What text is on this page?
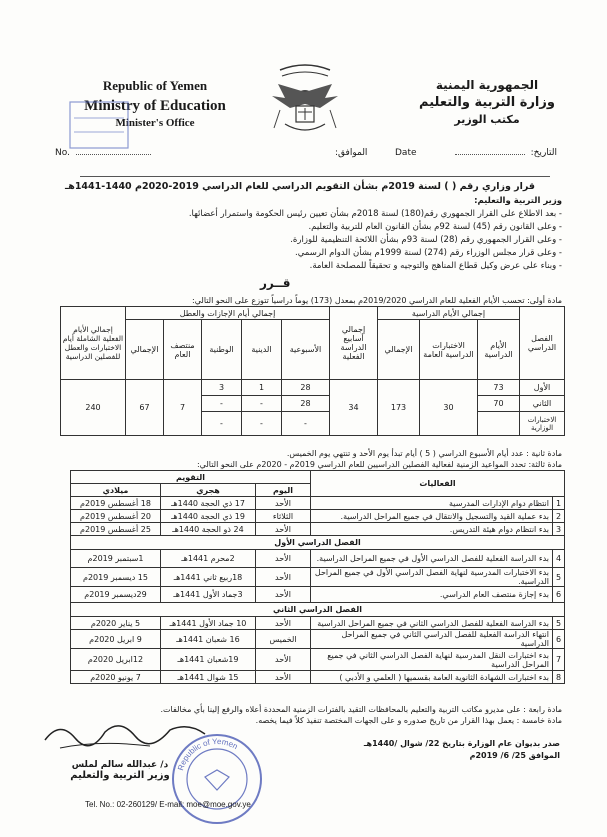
Republic of Yemen
Ministry of Education
Minister's Office
الجمهورية اليمنية
وزارة التربية والتعليم
مكتب الوزير
No.	Date
الموافق:	التاريخ:
قرار وزاري رقم ( ) لسنة 2019م بشأن التقويم الدراسي للعام الدراسي 2019-2020م 1440-1441هـ

وزير التربية والتعليم:

- بعد الاطلاع على القرار الجمهوري رقم(180) لسنة 2018م بشأن تعيين رئيس الحكومة واستمرار أعضائها.

- وعلى القانون رقم (45) لسنة 92م بشأن القانون العام للتربية والتعليم.

- وعلى القرار الجمهوري رقم (28) لسنة 93م بشأن اللائحة التنظيمية للوزارة.

- وعلى قرار مجلس الوزراء رقم (274) لسنة 1999م بشأن الدوام الرسمي.

- وبناء على عرض وكيل قطاع المناهج والتوجيه و تحقيقاً للمصلحة العامة.

قــرر
مادة أولى: تحسب الأيام الفعلية للعام الدراسي 2019/2020م بمعدل (173) يوماً دراسياً تتوزع على النحو التالي:
الفصل الدراسي	إجمالي الأيام الدراسية			إجمالي أسابيع الدراسة الفعلية	إجمالي أيام الإجازات والعطل					إجمالي الأيام الفعلية الشاملة أيام الاختبارات والعطل للفصلين الدراسية
	الأيام الدراسية	الاختبارات الدراسية العامة	الإجمالي		الأسبوعية	الدينية	الوطنية	منتصف العام	الإجمالي	
الأول	73	30	173	34	28	1	3	7	67	240
الثاني	70				28	-	-			
الاختبارات الوزارية					-	-	-			

مادة ثانية : عدد أيام الأسبوع الدراسي ( 5 ) أيام تبدأ يوم الأحد و تنتهي يوم الخميس.

مادة ثالثة: تحدد المواعيد الزمنية لفعالية الفصلين الدراسيين للعام الدراسي 2019م - 2020م على النحو التالي:

الفعاليات		التقويم		
		اليوم	هجري	ميلادي
1	انتظام دوام الإدارات المدرسية	الأحد	17 ذي الحجة 1440هـ	18 أغسطس 2019م
2	بدء عملية القيد والتسجيل والانتقال في جميع المراحل الدراسية.	الثلاثاء	19 ذي الحجة 1440هـ	20 أغسطس 2019م
3	بدء انتظام دوام هيئة التدريس.	الأحد	24 ذو الحجة 1440هـ	25 أغسطس 2019م
الفصل الدراسي الأول				
4	بدء الدراسة الفعلية للفصل الدراسي الأول في جميع المراحل الدراسية.	الأحد	2محرم 1441هـ	1سبتمبر 2019م
5	بدء الاختبارات المدرسية لنهاية الفصل الدراسي الأول في جميع المراحل الدراسية.	الأحد	18ربيع ثاني 1441هـ	15 ديسمبر 2019م
6	بدء إجازة منتصف العام الدراسي.	الأحد	3جماد الأول 1441هـ	29ديسمبر 2019م
الفصل الدراسي الثاني				
5	بدء الدراسة الفعلية للفصل الدراسي الثاني في جميع المراحل الدراسية	الأحد	10 جماد الأول 1441هـ	5 يناير 2020م
6	انتهاء الدراسة الفعلية للفصل الدراسي الثاني في جميع المراحل الدراسية	الخميس	16 شعبان 1441هـ	9 ابريل 2020م
7	بدء اختبارات النقل المدرسية لنهاية الفصل الدراسي الثاني في جميع المراحل الدراسية	الأحد	19شعبان 1441هـ	12ابريل 2020م
8	بدء اختبارات الشهادة الثانوية العامة بقسميها ( العلمي و الأدبي )	الأحد	15 شوال 1441هـ	7 يونيو 2020م

مادة رابعة : على مديرو مكاتب التربية والتعليم بالمحافظات التقيد بالفترات الزمنية المحددة أعلاه والرفع إلينا بأي مخالفات.

مادة خامسة : يعمل بهذا القرار من تاريخ صدوره و على الجهات المختصة تنفيذ كلاً فيما يخصه.

صدر بديوان عام الوزارة بتاريخ 22/ شوال /1440هـ

الموافق 25/ 6/ 2019م

د/ عبدالله سالم لملس

وزير التربية والتعليم

Republic of Yemen
Tel. No.: 02-260129/ E-mail: moe@moe.gov.ye
